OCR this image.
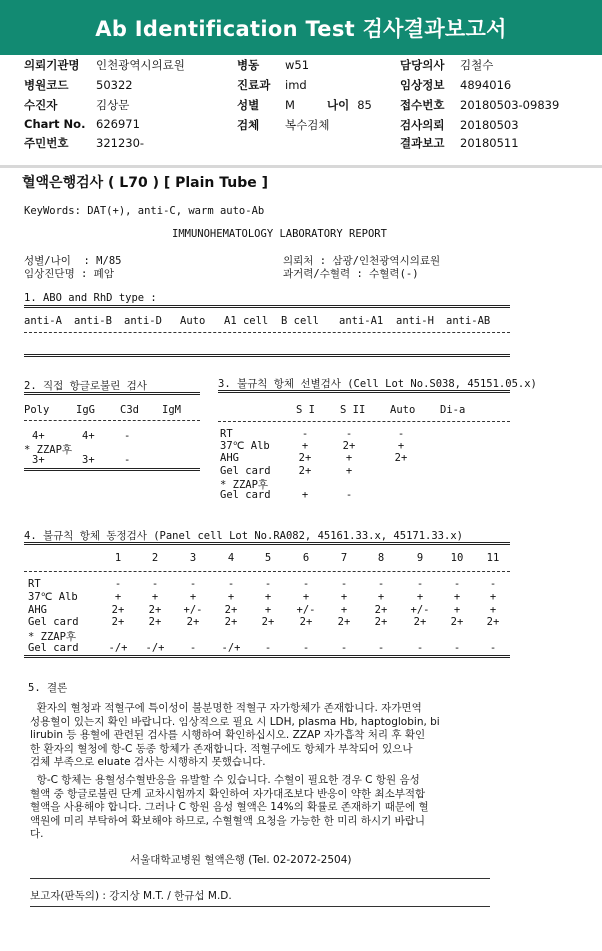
Ab Identification Test 검사결과보고서
의뢰기관명 인천광역시의료원
병원코드 50322
수진자	김상문
Chart No. 626971
주민번호 321230-
병동 w51
진료과 imd
성별 M	나이 85
검체 복수검체
담당의사 김철수
임상정보 4894016
접수번호 20180503-09839
검사의뢰 20180503
결과보고 20180511
혈액은행검사 ( L70 ) [ Plain Tube ]
KeyWords: DAT(+), anti-C, warm auto-Ab
IMMUNOHEMATOLOGY LABORATORY REPORT
성별/나이  : M/85
임상진단명 : 폐암
의뢰처 : 삼광/인천광역시의료원
과거력/수혈력 : 수혈력(-)
1. ABO and RhD type :
anti-A anti-B anti-D Auto A1 cell B cell anti-A1 anti-H anti-AB
2. 직접 항글로불린 검사
Poly	IgG C3d IgM
4+	4+	-
* ZZAP후
3+	3+	-
3. 불규칙 항체 선별검사 (Cell Lot No.S038, 45151.05.x)
S I S II Auto Di-a
RT	-	-	-
37℃ Alb	+	2+	+
AHG	2+	+	2+
Gel card	2+	+
* ZZAP후
Gel card	+	-
4. 불규칙 항체 동정검사 (Panel cell Lot No.RA082, 45161.33.x, 45171.33.x)
1	2	3	4	5	6	7	8	9	10	11
RT	-	-	-	-	-	-	-	-	-	-	-
37℃ Alb	+	+	+	+	+	+	+	+	+	+	+
AHG	2+	2+	+/-	2+	+	+/-	+	2+	+/-	+	+
Gel card	2+	2+	2+	2+	2+	2+	2+	2+	2+	2+	2+
* ZZAP후
Gel card	-/+	-/+	-	-/+	-	-	-	-	-	-	-
5. 결론
환자의 혈청과 적혈구에 특이성이 불분명한 적혈구 자가항체가 존재합니다. 자가면역
성용혈이 있는지 확인 바랍니다. 임상적으로 필요 시 LDH, plasma Hb, haptoglobin, bi
lirubin 등 용혈에 관련된 검사를 시행하여 확인하십시오. ZZAP 자가흡착 처리 후 확인
한 환자의 혈청에 항-C 동종 항체가 존재합니다. 적혈구에도 항체가 부착되어 있으나
검체 부족으로 eluate 검사는 시행하지 못했습니다.
항-C 항체는 용혈성수혈반응을 유발할 수 있습니다. 수혈이 필요한 경우 C 항원 음성
혈액 중 항글로불린 단계 교차시험까지 확인하여 자가대조보다 반응이 약한 최소부적합
혈액을 사용해야 합니다. 그러나 C 항원 음성 혈액은 14%의 확률로 존재하기 때문에 혈
액원에 미리 부탁하여 확보해야 하므로, 수혈혈액 요청을 가능한 한 미리 하시기 바랍니
다.
서울대학교병원 혈액은행 (Tel. 02-2072-2504)
보고자(판독의) : 강지상 M.T. / 한규섭 M.D.
